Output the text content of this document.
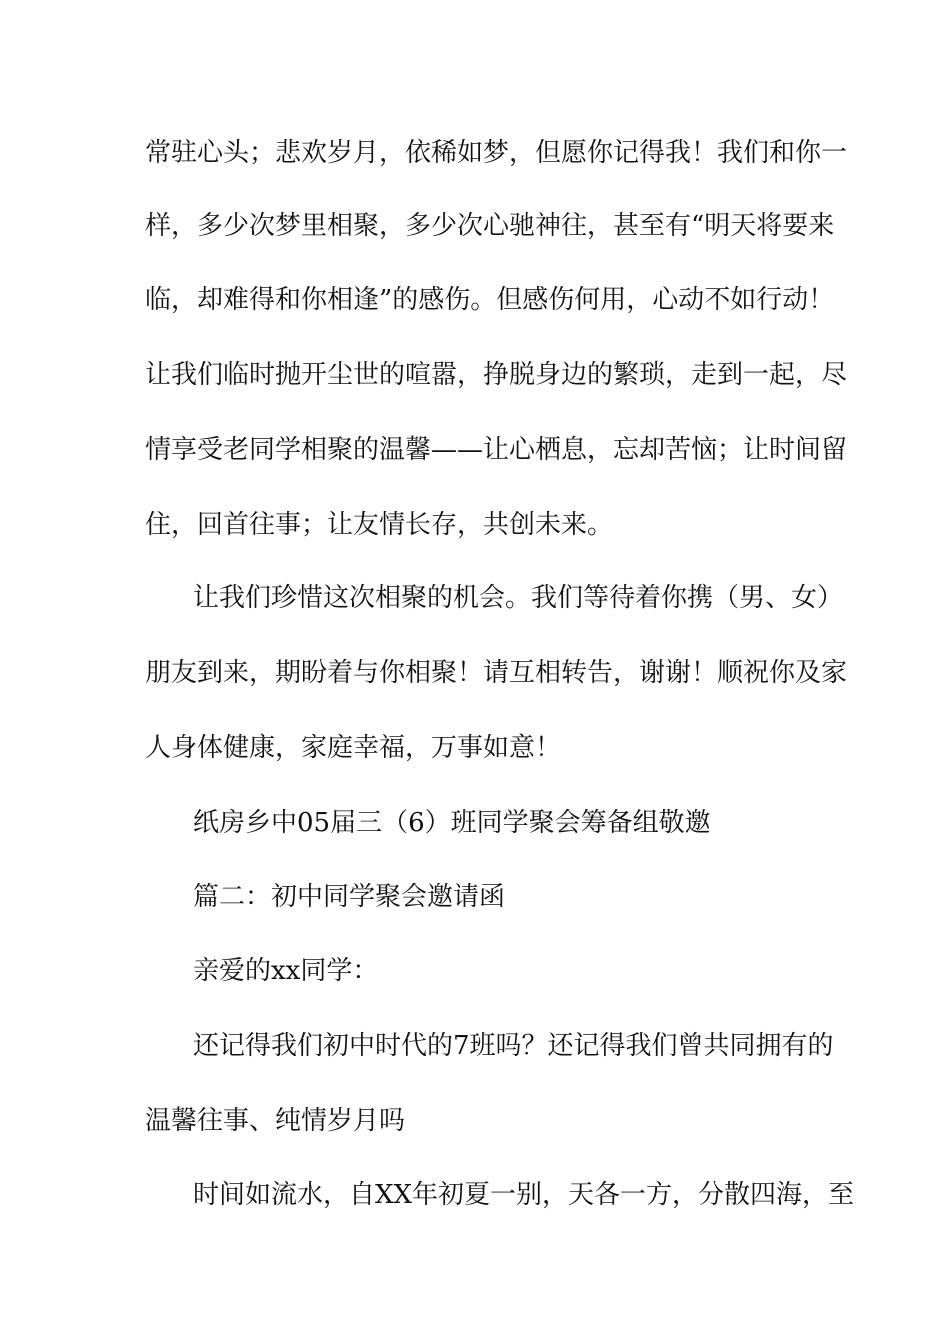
常驻心头；悲欢岁月，依稀如梦，但愿你记得我！我们和你一
样，多少次梦里相聚，多少次心驰神往，甚至有“明天将要来
临，却难得和你相逢”的感伤。但感伤何用，心动不如行动！
让我们临时抛开尘世的喧嚣，挣脱身边的繁琐，走到一起，尽
情享受老同学相聚的温馨——让心栖息，忘却苦恼；让时间留
住，回首往事；让友情长存，共创未来。
让我们珍惜这次相聚的机会。我们等待着你携（男、女）
朋友到来，期盼着与你相聚！请互相转告，谢谢！顺祝你及家
人身体健康，家庭幸福，万事如意！
纸房乡中05届三（6）班同学聚会筹备组敬邀
篇二：初中同学聚会邀请函
亲爱的xx同学：
还记得我们初中时代的7班吗？还记得我们曾共同拥有的
温馨往事、纯情岁月吗
时间如流水，自XX年初夏一别，天各一方，分散四海，至
